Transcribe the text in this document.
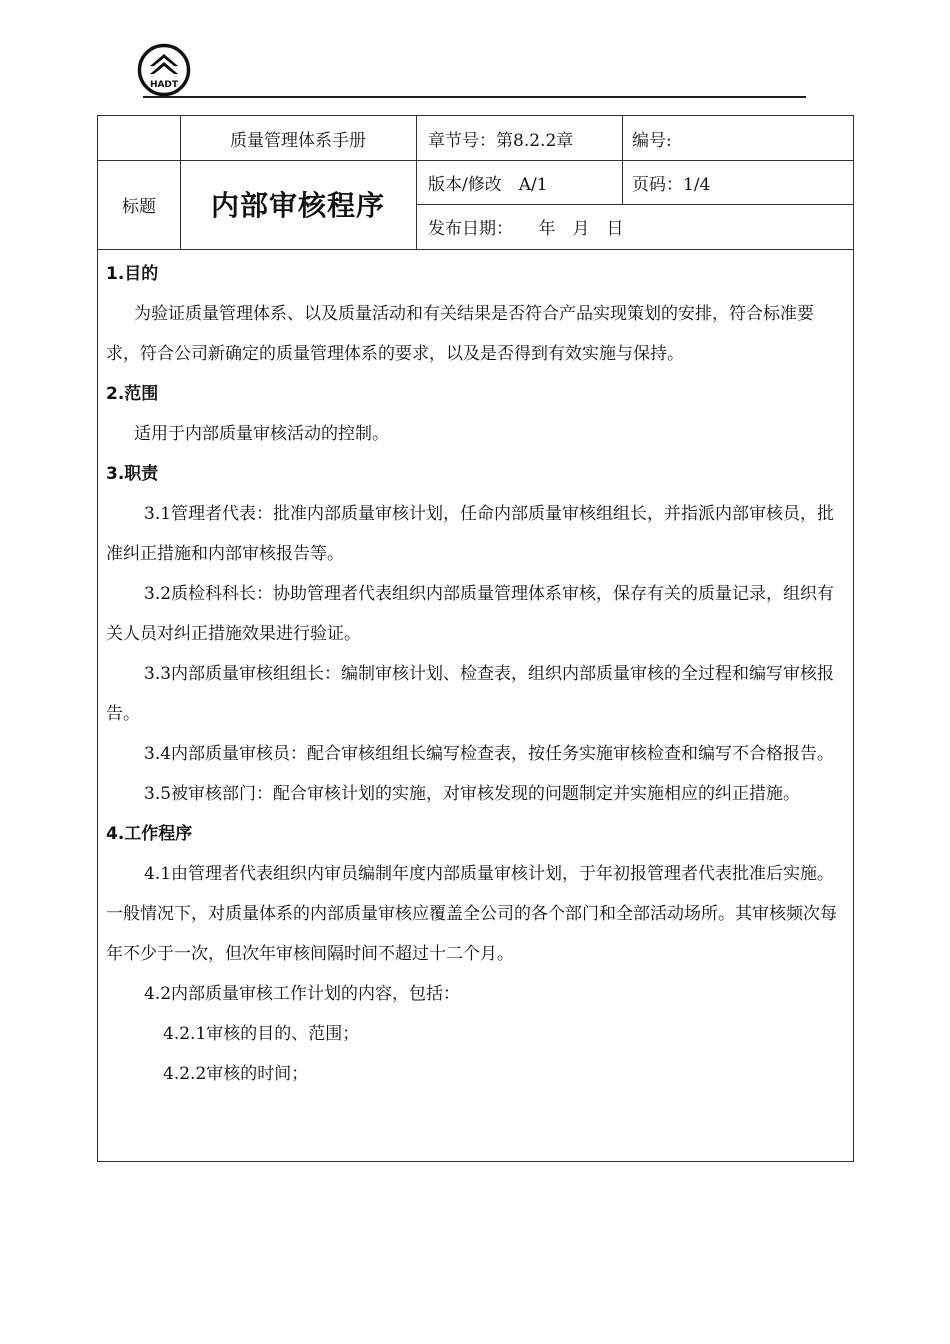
HADT
标题
质量管理体系手册
内部审核程序
章节号：第8.2.2章	编号:
版本/修改　A/1	页码：1/4
发布日期：　　年　月　日

1.目的

为验证质量管理体系、以及质量活动和有关结果是否符合产品实现策划的安排，符合标准要求，符合公司新确定的质量管理体系的要求，以及是否得到有效实施与保持。

2.范围

适用于内部质量审核活动的控制。

3.职责

3.1管理者代表：批准内部质量审核计划，任命内部质量审核组组长，并指派内部审核员，批准纠正措施和内部审核报告等。

3.2质检科科长：协助管理者代表组织内部质量管理体系审核，保存有关的质量记录，组织有关人员对纠正措施效果进行验证。

3.3内部质量审核组组长：编制审核计划、检查表，组织内部质量审核的全过程和编写审核报告。

3.4内部质量审核员：配合审核组组长编写检查表，按任务实施审核检查和编写不合格报告。

3.5被审核部门：配合审核计划的实施，对审核发现的问题制定并实施相应的纠正措施。

4.工作程序

4.1由管理者代表组织内审员编制年度内部质量审核计划，于年初报管理者代表批准后实施。一般情况下，对质量体系的内部质量审核应覆盖全公司的各个部门和全部活动场所。其审核频次每年不少于一次，但次年审核间隔时间不超过十二个月。

4.2内部质量审核工作计划的内容，包括：

4.2.1审核的目的、范围；

4.2.2审核的时间；
